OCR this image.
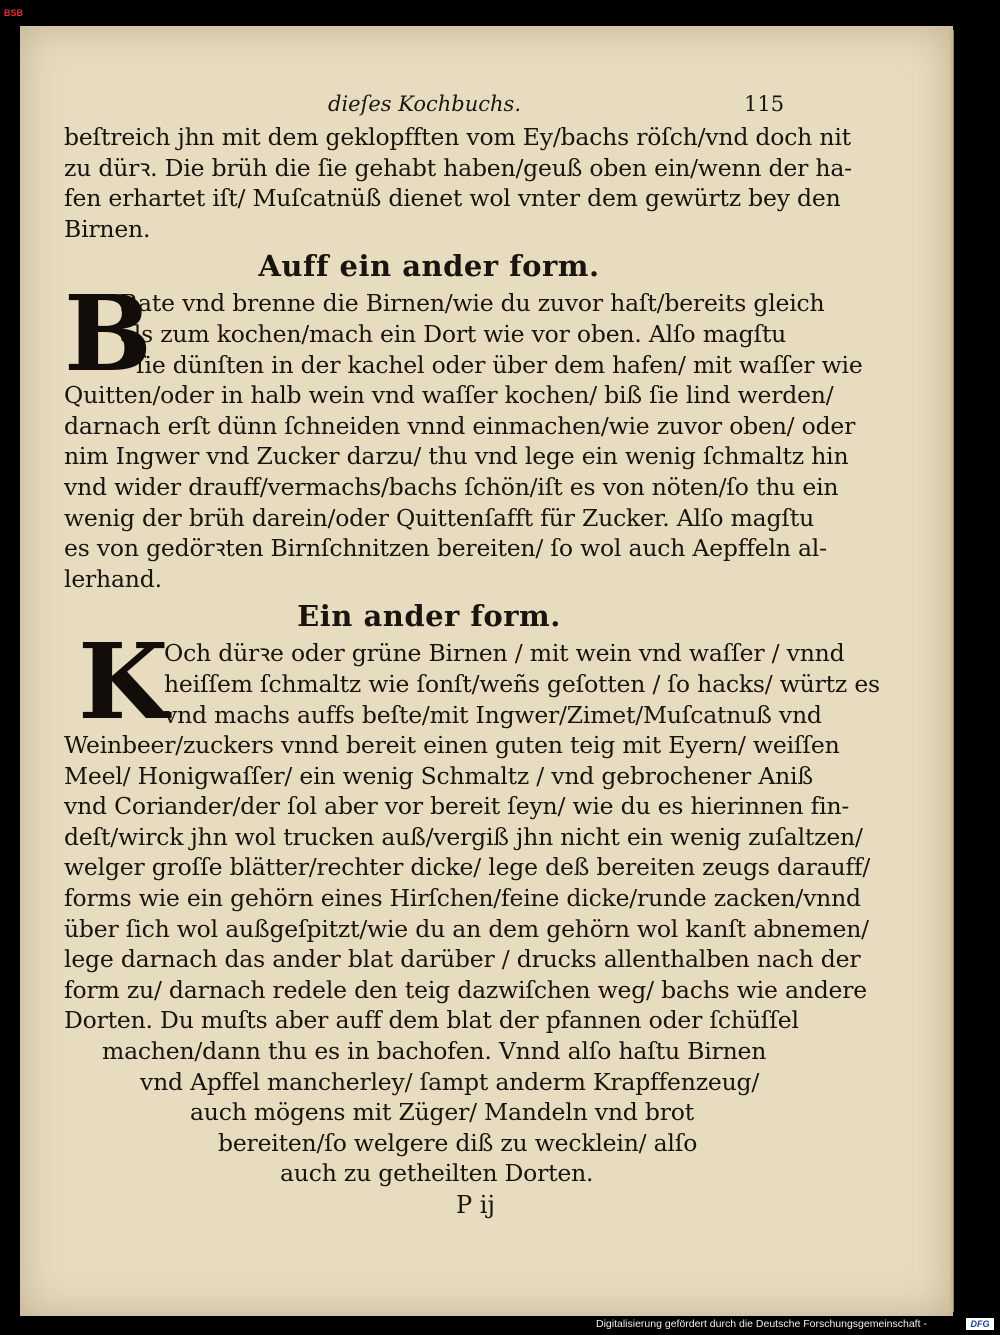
BSB
dieſes Kochbuchs.	115
beſtreich jhn mit dem geklopfften vom Ey/bachs röſch/vnd doch nit
zu dürꝛ. Die brüh die ſie gehabt haben/geuß oben ein/wenn der ha-
fen erhartet iſt/ Muſcatnüß dienet wol vnter dem gewürtz bey den
Birnen.
Auff ein ander form.
B
Rate vnd brenne die Birnen/wie du zuvor haſt/bereits gleich
als zum kochen/mach ein Dort wie vor oben. Alſo magſtu
ſie dünſten in der kachel oder über dem hafen/ mit waſſer wie
Quitten/oder in halb wein vnd waſſer kochen/ biß ſie lind werden/
darnach erſt dünn ſchneiden vnnd einmachen/wie zuvor oben/ oder
nim Ingwer vnd Zucker darzu/ thu vnd lege ein wenig ſchmaltz hin
vnd wider drauff/vermachs/bachs ſchön/iſt es von nöten/ſo thu ein
wenig der brüh darein/oder Quittenſafft für Zucker. Alſo magſtu
es von gedörꝛten Birnſchnitzen bereiten/ ſo wol auch Aepffeln al-
lerhand.
Ein ander form.
K
Och dürꝛe oder grüne Birnen / mit wein vnd waſſer / vnnd
heiſſem ſchmaltz wie ſonſt/weñs geſotten / ſo hacks/ würtz es
vnd machs auffs beſte/mit Ingwer/Zimet/Muſcatnuß vnd
Weinbeer/zuckers vnnd bereit einen guten teig mit Eyern/ weiſſen
Meel/ Honigwaſſer/ ein wenig Schmaltz / vnd gebrochener Aniß
vnd Coriander/der ſol aber vor bereit ſeyn/ wie du es hierinnen fin-
deſt/wirck jhn wol trucken auß/vergiß jhn nicht ein wenig zuſaltzen/
welger groſſe blätter/rechter dicke/ lege deß bereiten zeugs darauff/
forms wie ein gehörn eines Hirſchen/feine dicke/runde zacken/vnnd
über ſich wol außgeſpitzt/wie du an dem gehörn wol kanſt abnemen/
lege darnach das ander blat darüber / drucks allenthalben nach der
form zu/ darnach redele den teig dazwiſchen weg/ bachs wie andere
Dorten. Du muſts aber auff dem blat der pfannen oder ſchüſſel
machen/dann thu es in bachofen. Vnnd alſo haſtu Birnen
vnd Apffel mancherley/ ſampt anderm Krapffenzeug/
auch mögens mit Züger/ Mandeln vnd brot
bereiten/ſo welgere diß zu wecklein/ alſo
auch zu getheilten Dorten.
P ij
Digitalisierung gefördert durch die Deutsche Forschungsgemeinschaft -	DFG
